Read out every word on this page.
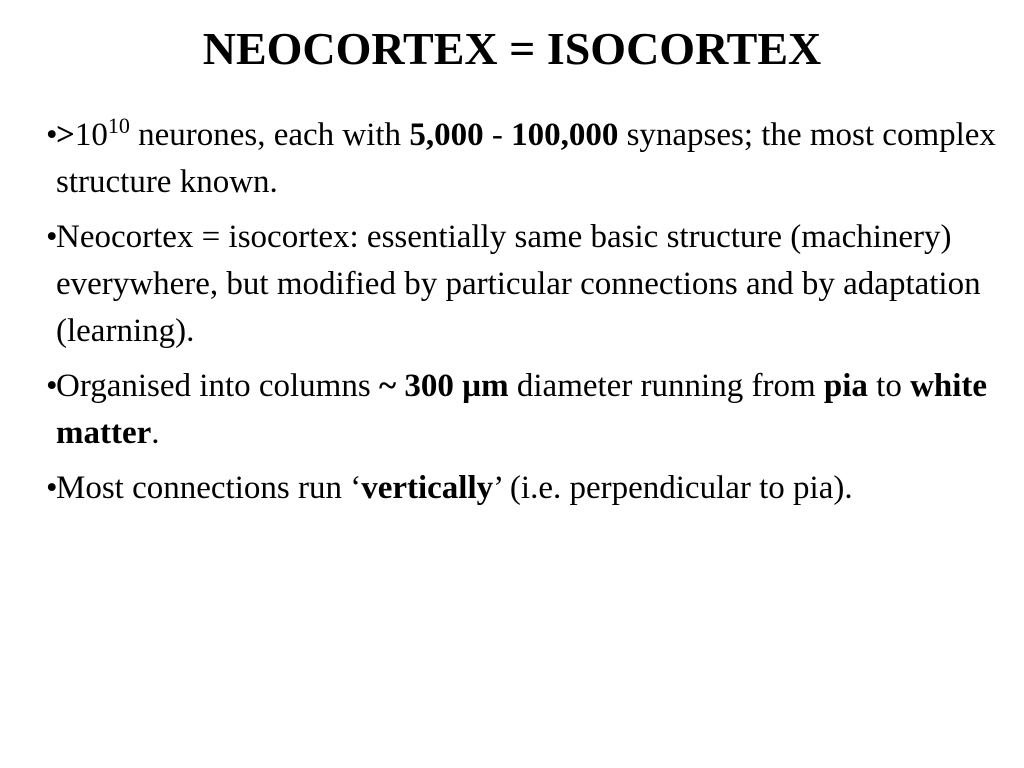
NEOCORTEX = ISOCORTEX
•
$>10^{10}$ neurones, each with 5,000 - 100,000 synapses; the most complex structure known.
•
Neocortex = isocortex: essentially same basic structure (machinery) everywhere, but modified by particular connections and by adaptation (learning).
•
Organised into columns ~ 300 µm diameter running from pia to white matter.
•
Most connections run ‘vertically’ (i.e. perpendicular to pia).
